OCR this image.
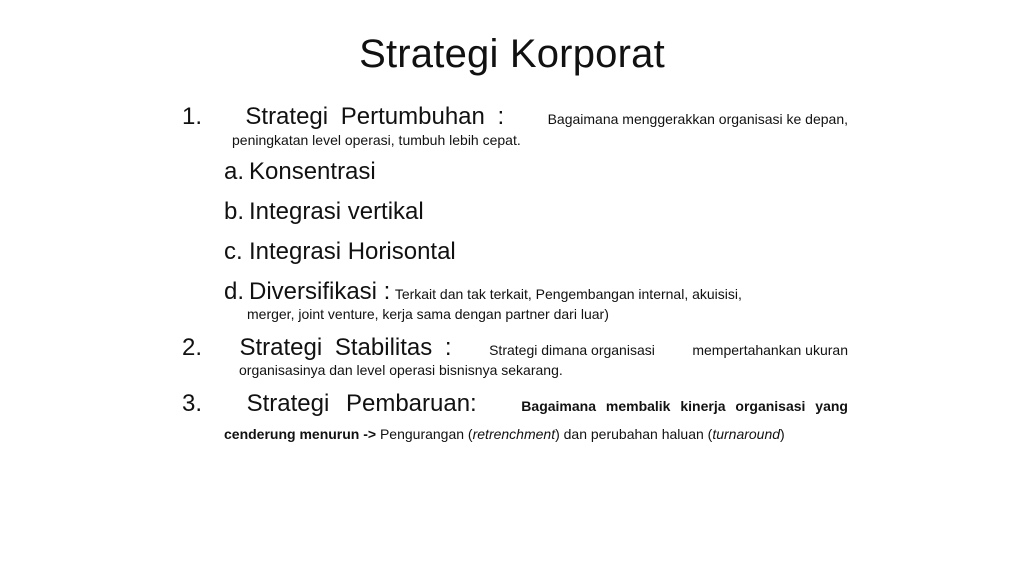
Strategi Korporat
1. Strategi Pertumbuhan :	Bagaimana menggerakkan organisasi ke depan,
peningkatan level operasi, tumbuh lebih cepat.
a. Konsentrasi
b. Integrasi vertikal
c. Integrasi Horisontal
d. Diversifikasi : Terkait dan tak terkait, Pengembangan internal, akuisisi,
merger, joint venture, kerja sama dengan partner dari luar)
2. Strategi Stabilitas :	Strategi dimana organisasi	mempertahankan ukuran
organisasinya dan level operasi bisnisnya sekarang.
3. Strategi Pembaruan:	Bagaimana membalik kinerja organisasi yang
cenderung menurun -> Pengurangan (retrenchment) dan perubahan haluan (turnaround)
